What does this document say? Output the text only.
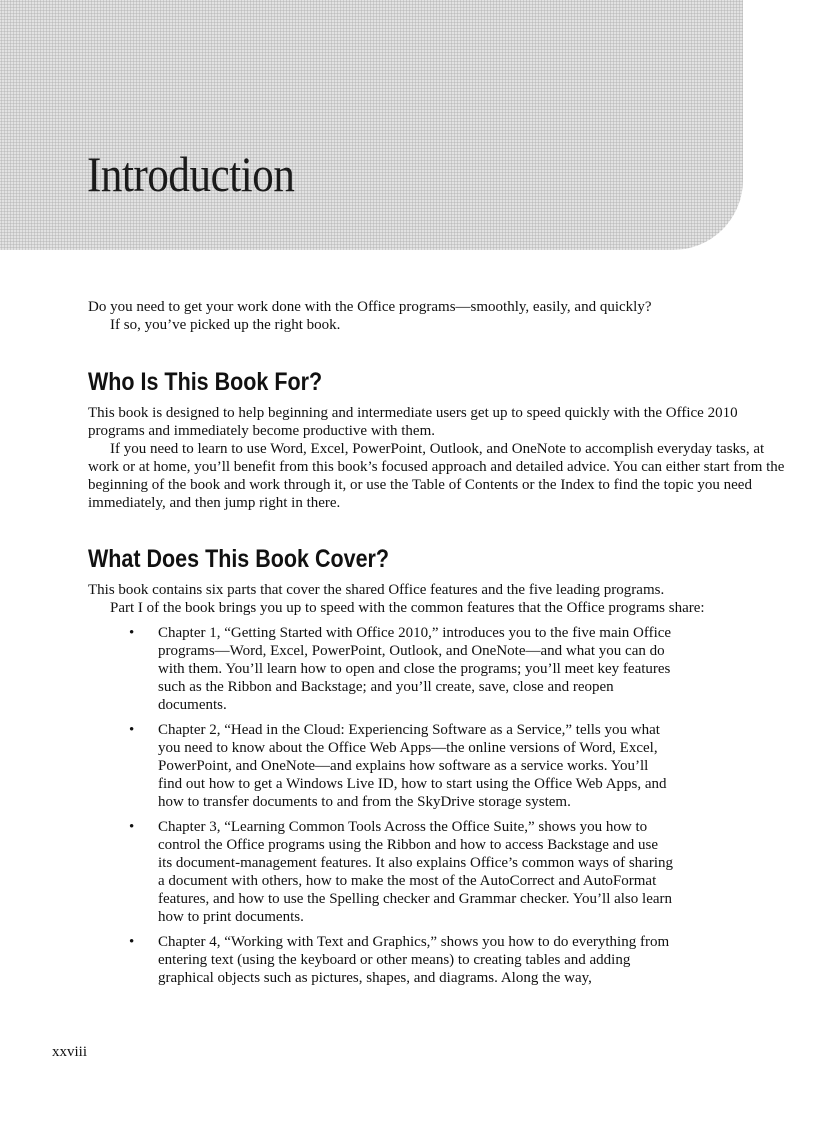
Introduction

Do you need to get your work done with the Office programs—smoothly, easily, and quickly?

If so, you’ve picked up the right book.

Who Is This Book For?

This book is designed to help beginning and intermediate users get up to speed quickly with the Office 2010 programs and immediately become productive with them.

If you need to learn to use Word, Excel, PowerPoint, Outlook, and OneNote to accomplish everyday tasks, at work or at home, you’ll benefit from this book’s focused approach and detailed advice. You can either start from the beginning of the book and work through it, or use the Table of Contents or the Index to find the topic you need immediately, and then jump right in there.

What Does This Book Cover?

This book contains six parts that cover the shared Office features and the five leading programs.

Part I of the book brings you up to speed with the common features that the Office programs share:

• Chapter 1, “Getting Started with Office 2010,” introduces you to the five main Office programs—Word, Excel, PowerPoint, Outlook, and OneNote—and what you can do with them. You’ll learn how to open and close the programs; you’ll meet key features such as the Ribbon and Backstage; and you’ll create, save, close and reopen documents.
• Chapter 2, “Head in the Cloud: Experiencing Software as a Service,” tells you what you need to know about the Office Web Apps—the online versions of Word, Excel, PowerPoint, and OneNote—and explains how software as a service works. You’ll find out how to get a Windows Live ID, how to start using the Office Web Apps, and how to transfer documents to and from the SkyDrive storage system.
• Chapter 3, “Learning Common Tools Across the Office Suite,” shows you how to control the Office programs using the Ribbon and how to access Backstage and use its document-management features. It also explains Office’s common ways of sharing a document with others, how to make the most of the AutoCorrect and AutoFormat features, and how to use the Spelling checker and Grammar checker. You’ll also learn how to print documents.
• Chapter 4, “Working with Text and Graphics,” shows you how to do everything from entering text (using the keyboard or other means) to creating tables and adding graphical objects such as pictures, shapes, and diagrams. Along the way,
xxviii
